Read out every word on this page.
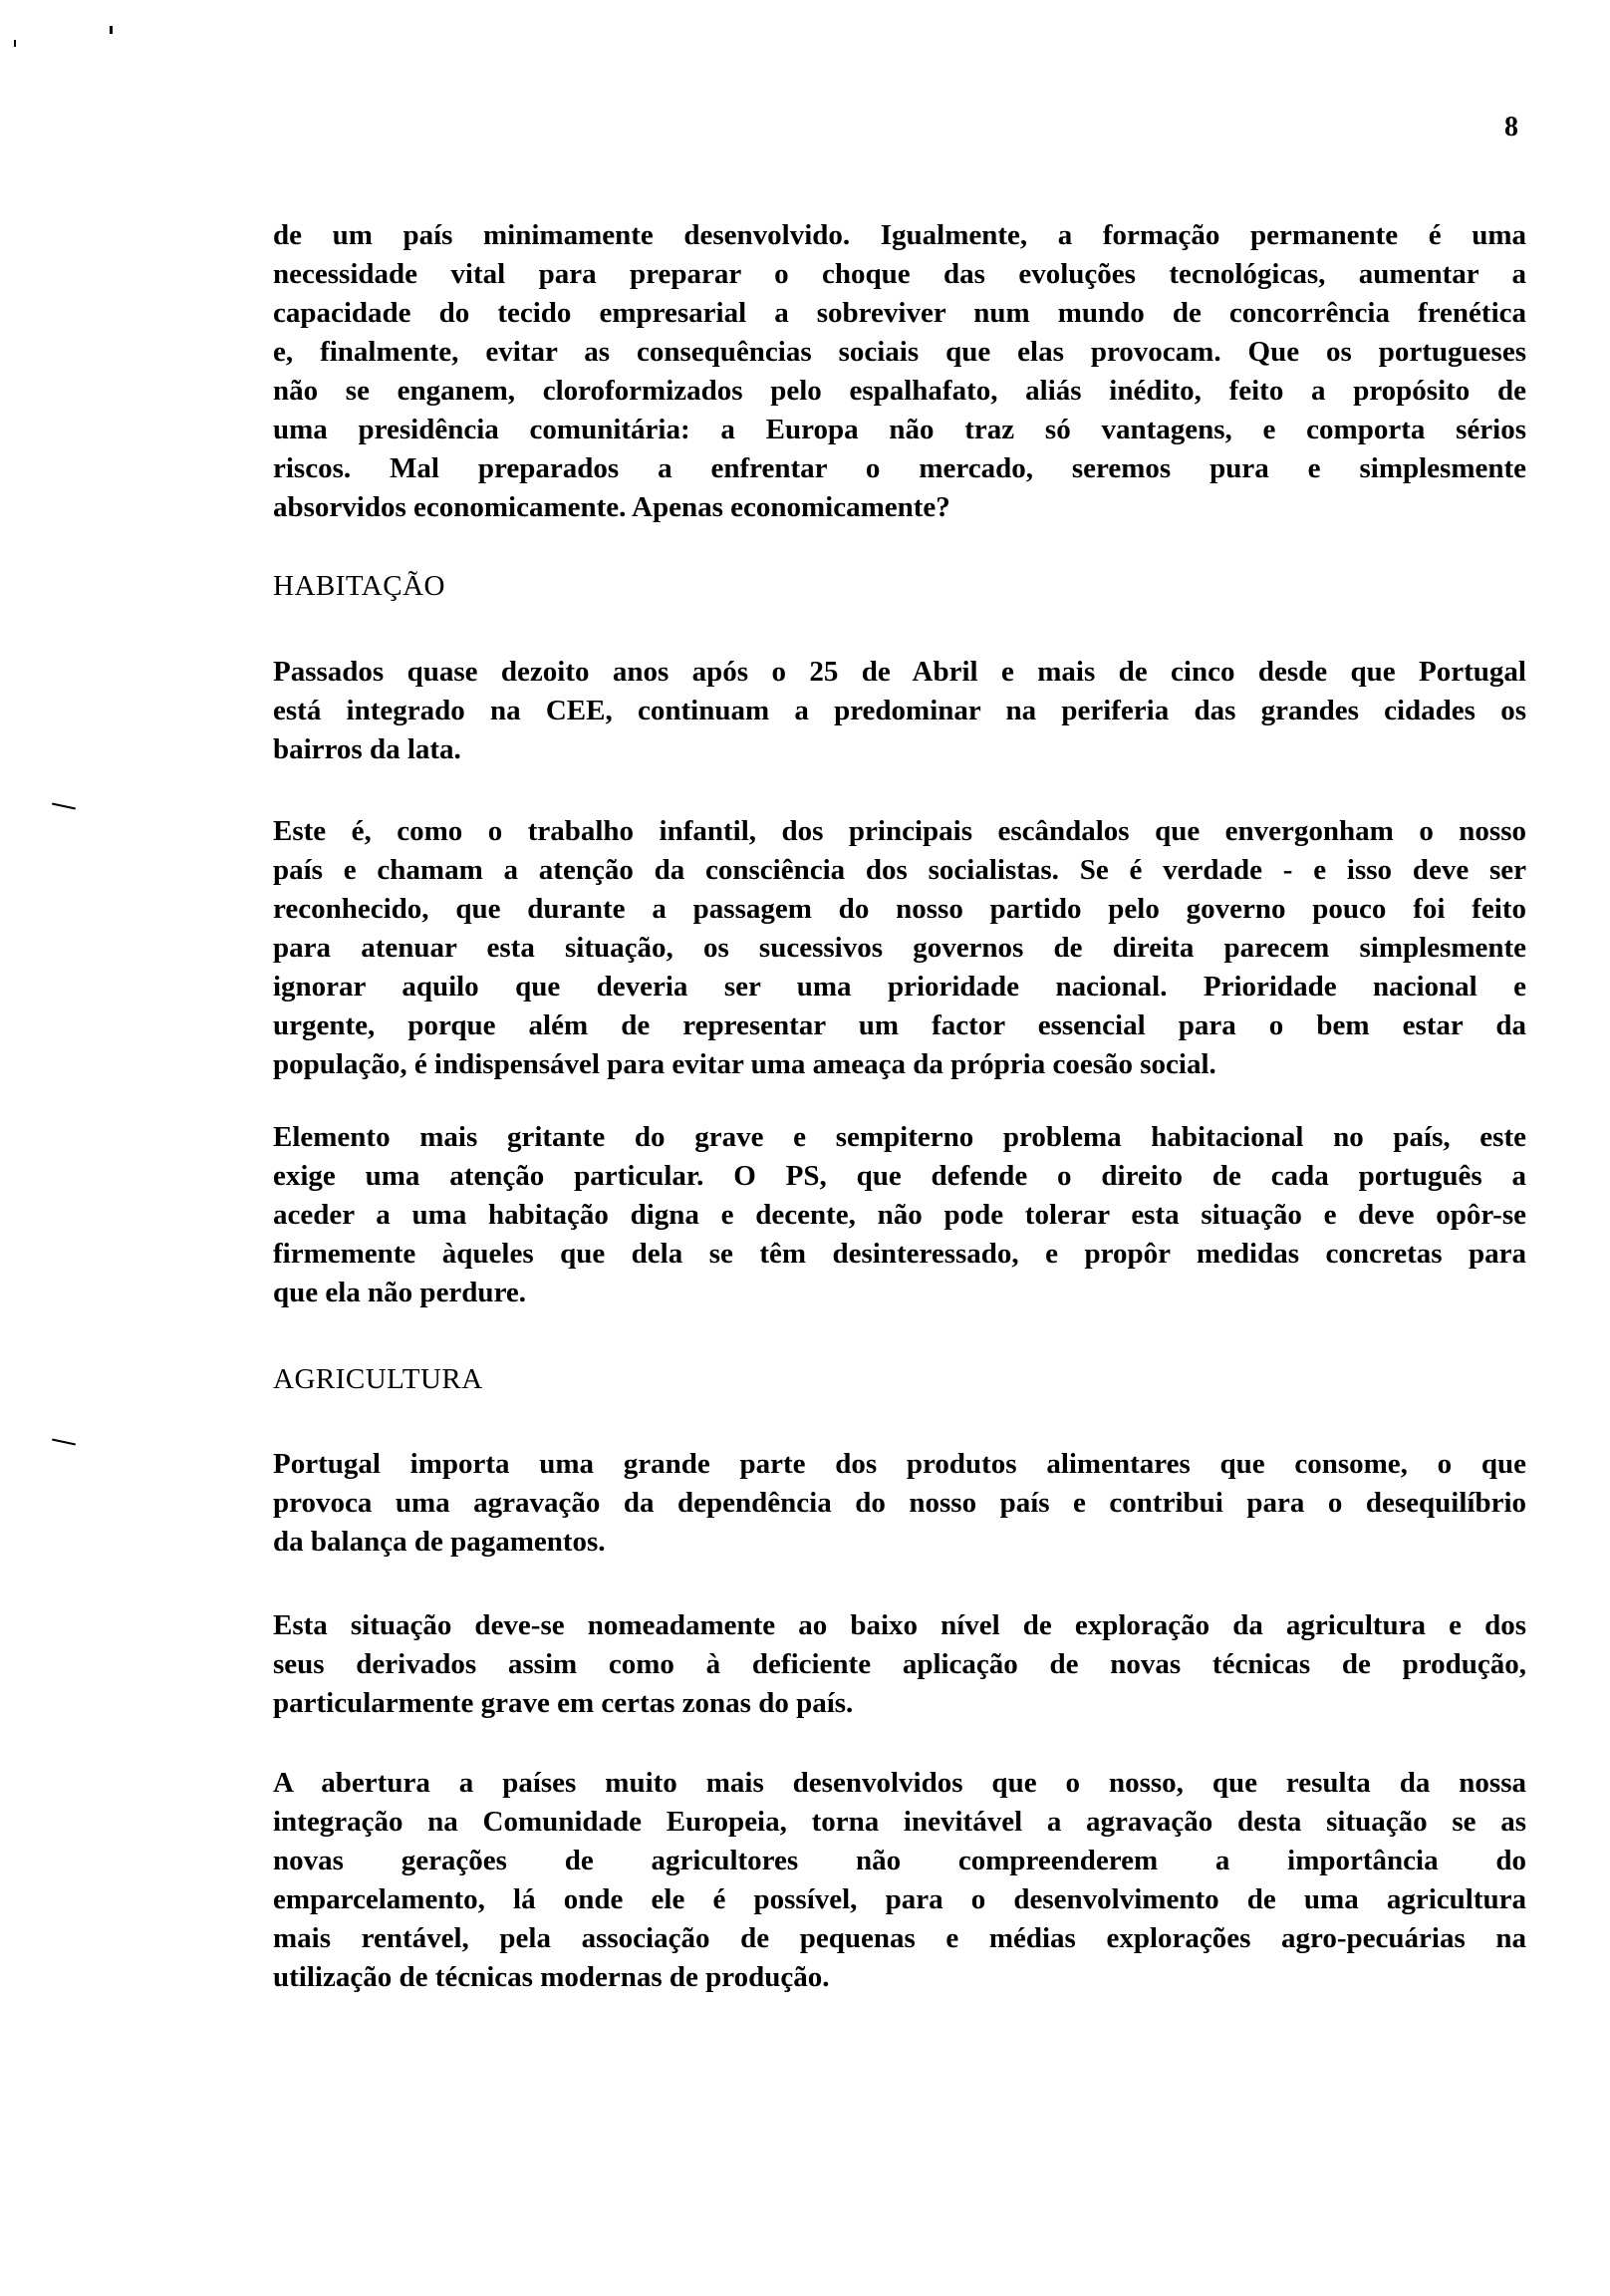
8
de um país minimamente desenvolvido. Igualmente, a formação permanente é uma
necessidade vital para preparar o choque das evoluções tecnológicas, aumentar a
capacidade do tecido empresarial a sobreviver num mundo de concorrência frenética
e, finalmente, evitar as consequências sociais que elas provocam. Que os portugueses
não se enganem, cloroformizados pelo espalhafato, aliás inédito, feito a propósito de
uma presidência comunitária: a Europa não traz só vantagens, e comporta sérios
riscos. Mal preparados a enfrentar o mercado, seremos pura e simplesmente
absorvidos economicamente. Apenas economicamente?
HABITAÇÃO
Passados quase dezoito anos após o 25 de Abril e mais de cinco desde que Portugal
está integrado na CEE, continuam a predominar na periferia das grandes cidades os
bairros da lata.
Este é, como o trabalho infantil, dos principais escândalos que envergonham o nosso
país e chamam a atenção da consciência dos socialistas. Se é verdade - e isso deve ser
reconhecido, que durante a passagem do nosso partido pelo governo pouco foi feito
para atenuar esta situação, os sucessivos governos de direita parecem simplesmente
ignorar aquilo que deveria ser uma prioridade nacional. Prioridade nacional e
urgente, porque além de representar um factor essencial para o bem estar da
população, é indispensável para evitar uma ameaça da própria coesão social.
Elemento mais gritante do grave e sempiterno problema habitacional no país, este
exige uma atenção particular. O PS, que defende o direito de cada português a
aceder a uma habitação digna e decente, não pode tolerar esta situação e deve opôr-se
firmemente àqueles que dela se têm desinteressado, e propôr medidas concretas para
que ela não perdure.
AGRICULTURA
Portugal importa uma grande parte dos produtos alimentares que consome, o que
provoca uma agravação da dependência do nosso país e contribui para o desequilíbrio
da balança de pagamentos.
Esta situação deve-se nomeadamente ao baixo nível de exploração da agricultura e dos
seus derivados assim como à deficiente aplicação de novas técnicas de produção,
particularmente grave em certas zonas do país.
A abertura a países muito mais desenvolvidos que o nosso, que resulta da nossa
integração na Comunidade Europeia, torna inevitável a agravação desta situação se as
novas gerações de agricultores não compreenderem a importância do
emparcelamento, lá onde ele é possível, para o desenvolvimento de uma agricultura
mais rentável, pela associação de pequenas e médias explorações agro-pecuárias na
utilização de técnicas modernas de produção.
